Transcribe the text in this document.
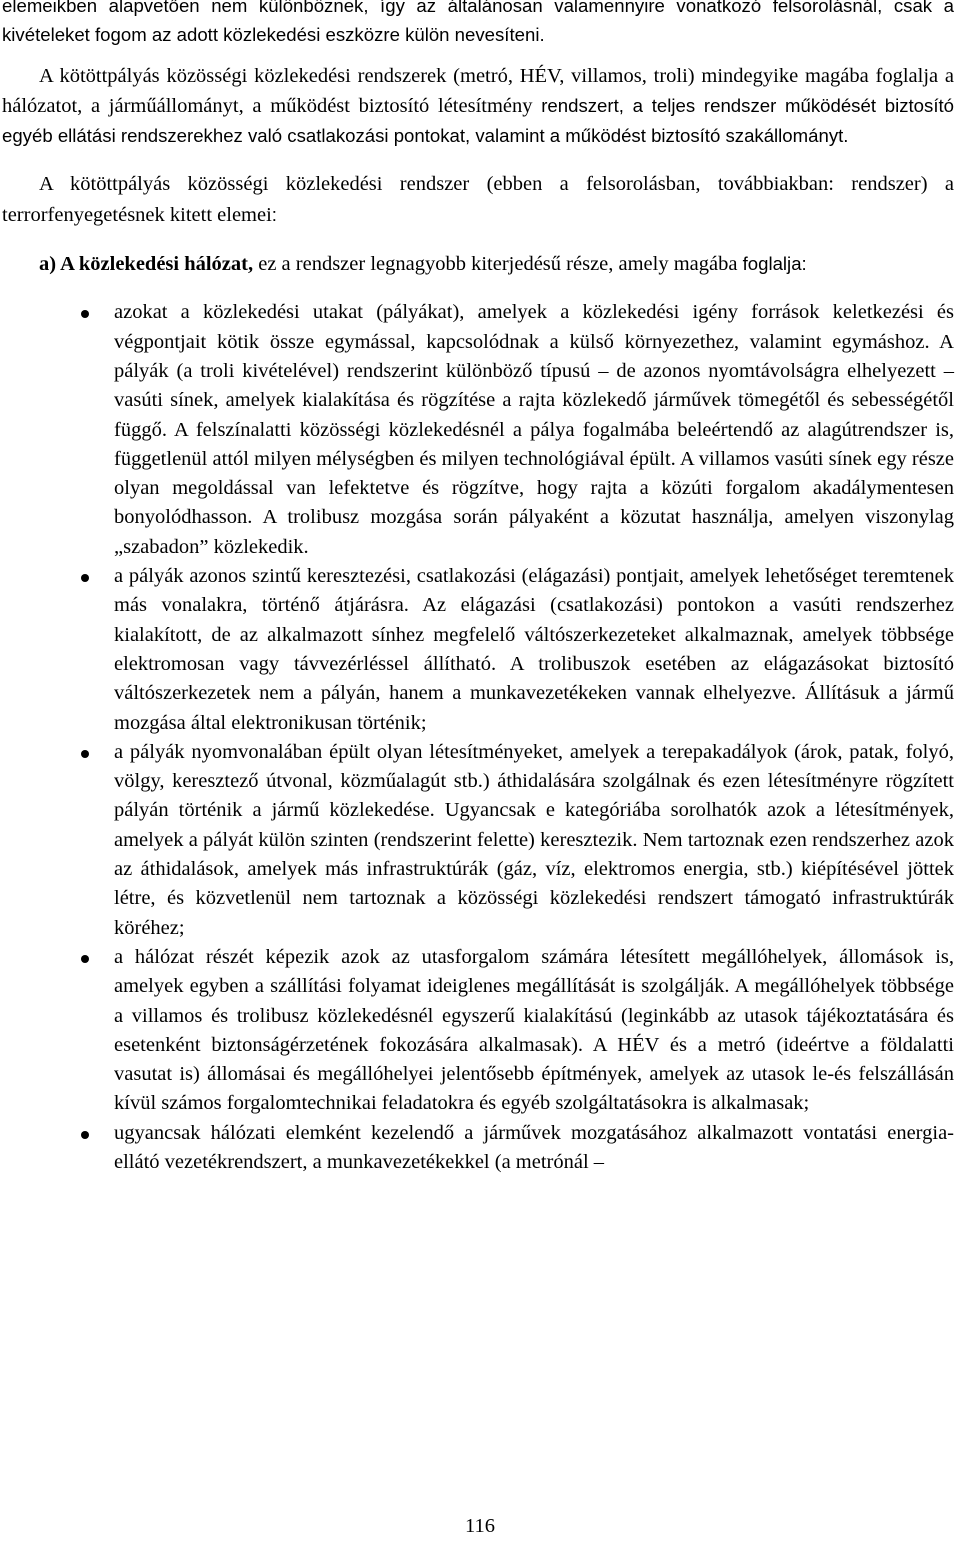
elemeikben alapvetően nem különböznek, így az általánosan valamennyire vonatkozó felsorolásnál, csak a kivételeket fogom az adott közlekedési eszközre külön nevesíteni.

A kötöttpályás közösségi közlekedési rendszerek (metró, HÉV, villamos, troli) mindegyike magába foglalja a hálózatot, a járműállományt, a működést biztosító létesítmény rendszert, a teljes rendszer működését biztosító egyéb ellátási rendszerekhez való csatlakozási pontokat, valamint a működést biztosító szakállományt.

A kötöttpályás közösségi közlekedési rendszer (ebben a felsorolásban, továbbiakban: rendszer) a terrorfenyegetésnek kitett elemei:

a) A közlekedési hálózat, ez a rendszer legnagyobb kiterjedésű része, amely magába foglalja:

azokat a közlekedési utakat (pályákat), amelyek a közlekedési igény források keletkezési és végpontjait kötik össze egymással, kapcsolódnak a külső környezethez, valamint egymáshoz. A pályák (a troli kivételével) rendszerint különböző típusú – de azonos nyomtávolságra elhelyezett – vasúti sínek, amelyek kialakítása és rögzítése a rajta közlekedő járművek tömegétől és sebességétől függő. A felszínalatti közösségi közlekedésnél a pálya fogalmába beleértendő az alagútrendszer is, függetlenül attól milyen mélységben és milyen technológiával épült. A villamos vasúti sínek egy része olyan megoldással van lefektetve és rögzítve, hogy rajta a közúti forgalom akadálymentesen bonyolódhasson. A trolibusz mozgása során pályaként a közutat használja, amelyen viszonylag „szabadon” közlekedik.
a pályák azonos szintű keresztezési, csatlakozási (elágazási) pontjait, amelyek lehetőséget teremtenek más vonalakra, történő átjárásra. Az elágazási (csatlakozási) pontokon a vasúti rendszerhez kialakított, de az alkalmazott sínhez megfelelő váltószerkezeteket alkalmaznak, amelyek többsége elektromosan vagy távvezérléssel állítható. A trolibuszok esetében az elágazásokat biztosító váltószerkezetek nem a pályán, hanem a munkavezetékeken vannak elhelyezve. Állításuk a jármű mozgása által elektronikusan történik;
a pályák nyomvonalában épült olyan létesítményeket, amelyek a terepakadályok (árok, patak, folyó, völgy, keresztező útvonal, közműalagút stb.) áthidalására szolgálnak és ezen létesítményre rögzített pályán történik a jármű közlekedése. Ugyancsak e kategóriába sorolhatók azok a létesítmények, amelyek a pályát külön szinten (rendszerint felette) keresztezik. Nem tartoznak ezen rendszerhez azok az áthidalások, amelyek más infrastruktúrák (gáz, víz, elektromos energia, stb.) kiépítésével jöttek létre, és közvetlenül nem tartoznak a közösségi közlekedési rendszert támogató infrastruktúrák köréhez;
a hálózat részét képezik azok az utasforgalom számára létesített megállóhelyek, állomások is, amelyek egyben a szállítási folyamat ideiglenes megállítását is szolgálják. A megállóhelyek többsége a villamos és trolibusz közlekedésnél egyszerű kialakítású (leginkább az utasok tájékoztatására és esetenként biztonságérzetének fokozására alkalmasak). A HÉV és a metró (ideértve a földalatti vasutat is) állomásai és megállóhelyei jelentősebb építmények, amelyek az utasok le-és felszállásán kívül számos forgalomtechnikai feladatokra és egyéb szolgáltatásokra is alkalmasak;
ugyancsak hálózati elemként kezelendő a járművek mozgatásához alkalmazott vontatási energia-ellátó vezetékrendszert, a munkavezetékekkel (a metrónál –
116
